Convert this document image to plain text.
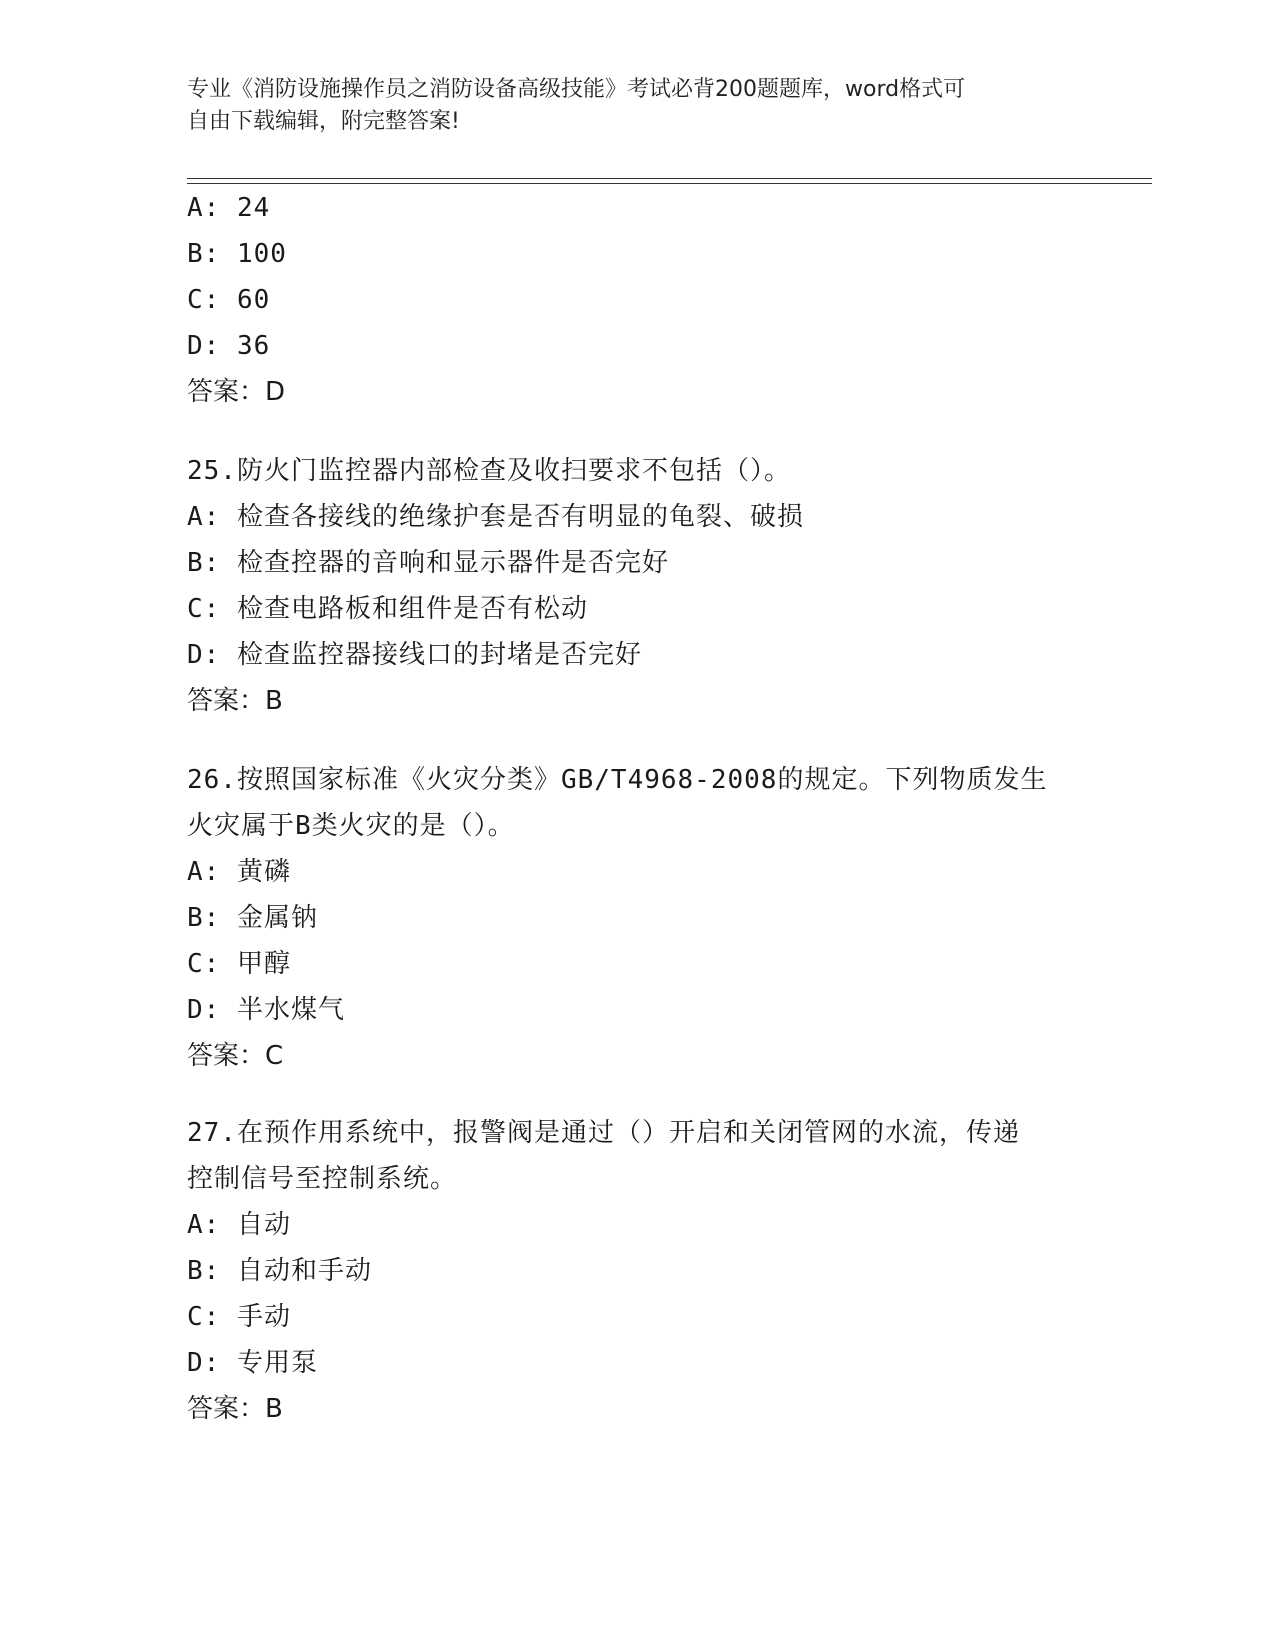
专业《消防设施操作员之消防设备高级技能》考试必背200题题库，word格式可
自由下载编辑，附完整答案!
A: 24
B: 100
C: 60
D: 36
答案：D
25.防火门监控器内部检查及收扫要求不包括（）。
A: 检查各接线的绝缘护套是否有明显的龟裂、破损
B: 检查控器的音响和显示器件是否完好
C: 检查电路板和组件是否有松动
D: 检查监控器接线口的封堵是否完好
答案：B
26.按照国家标准《火灾分类》GB/T4968-2008的规定。下列物质发生
火灾属于B类火灾的是（）。
A: 黄磷
B: 金属钠
C: 甲醇
D: 半水煤气
答案：C
27.在预作用系统中，报警阀是通过（）开启和关闭管网的水流，传递
控制信号至控制系统。
A: 自动
B: 自动和手动
C: 手动
D: 专用泵
答案：B
